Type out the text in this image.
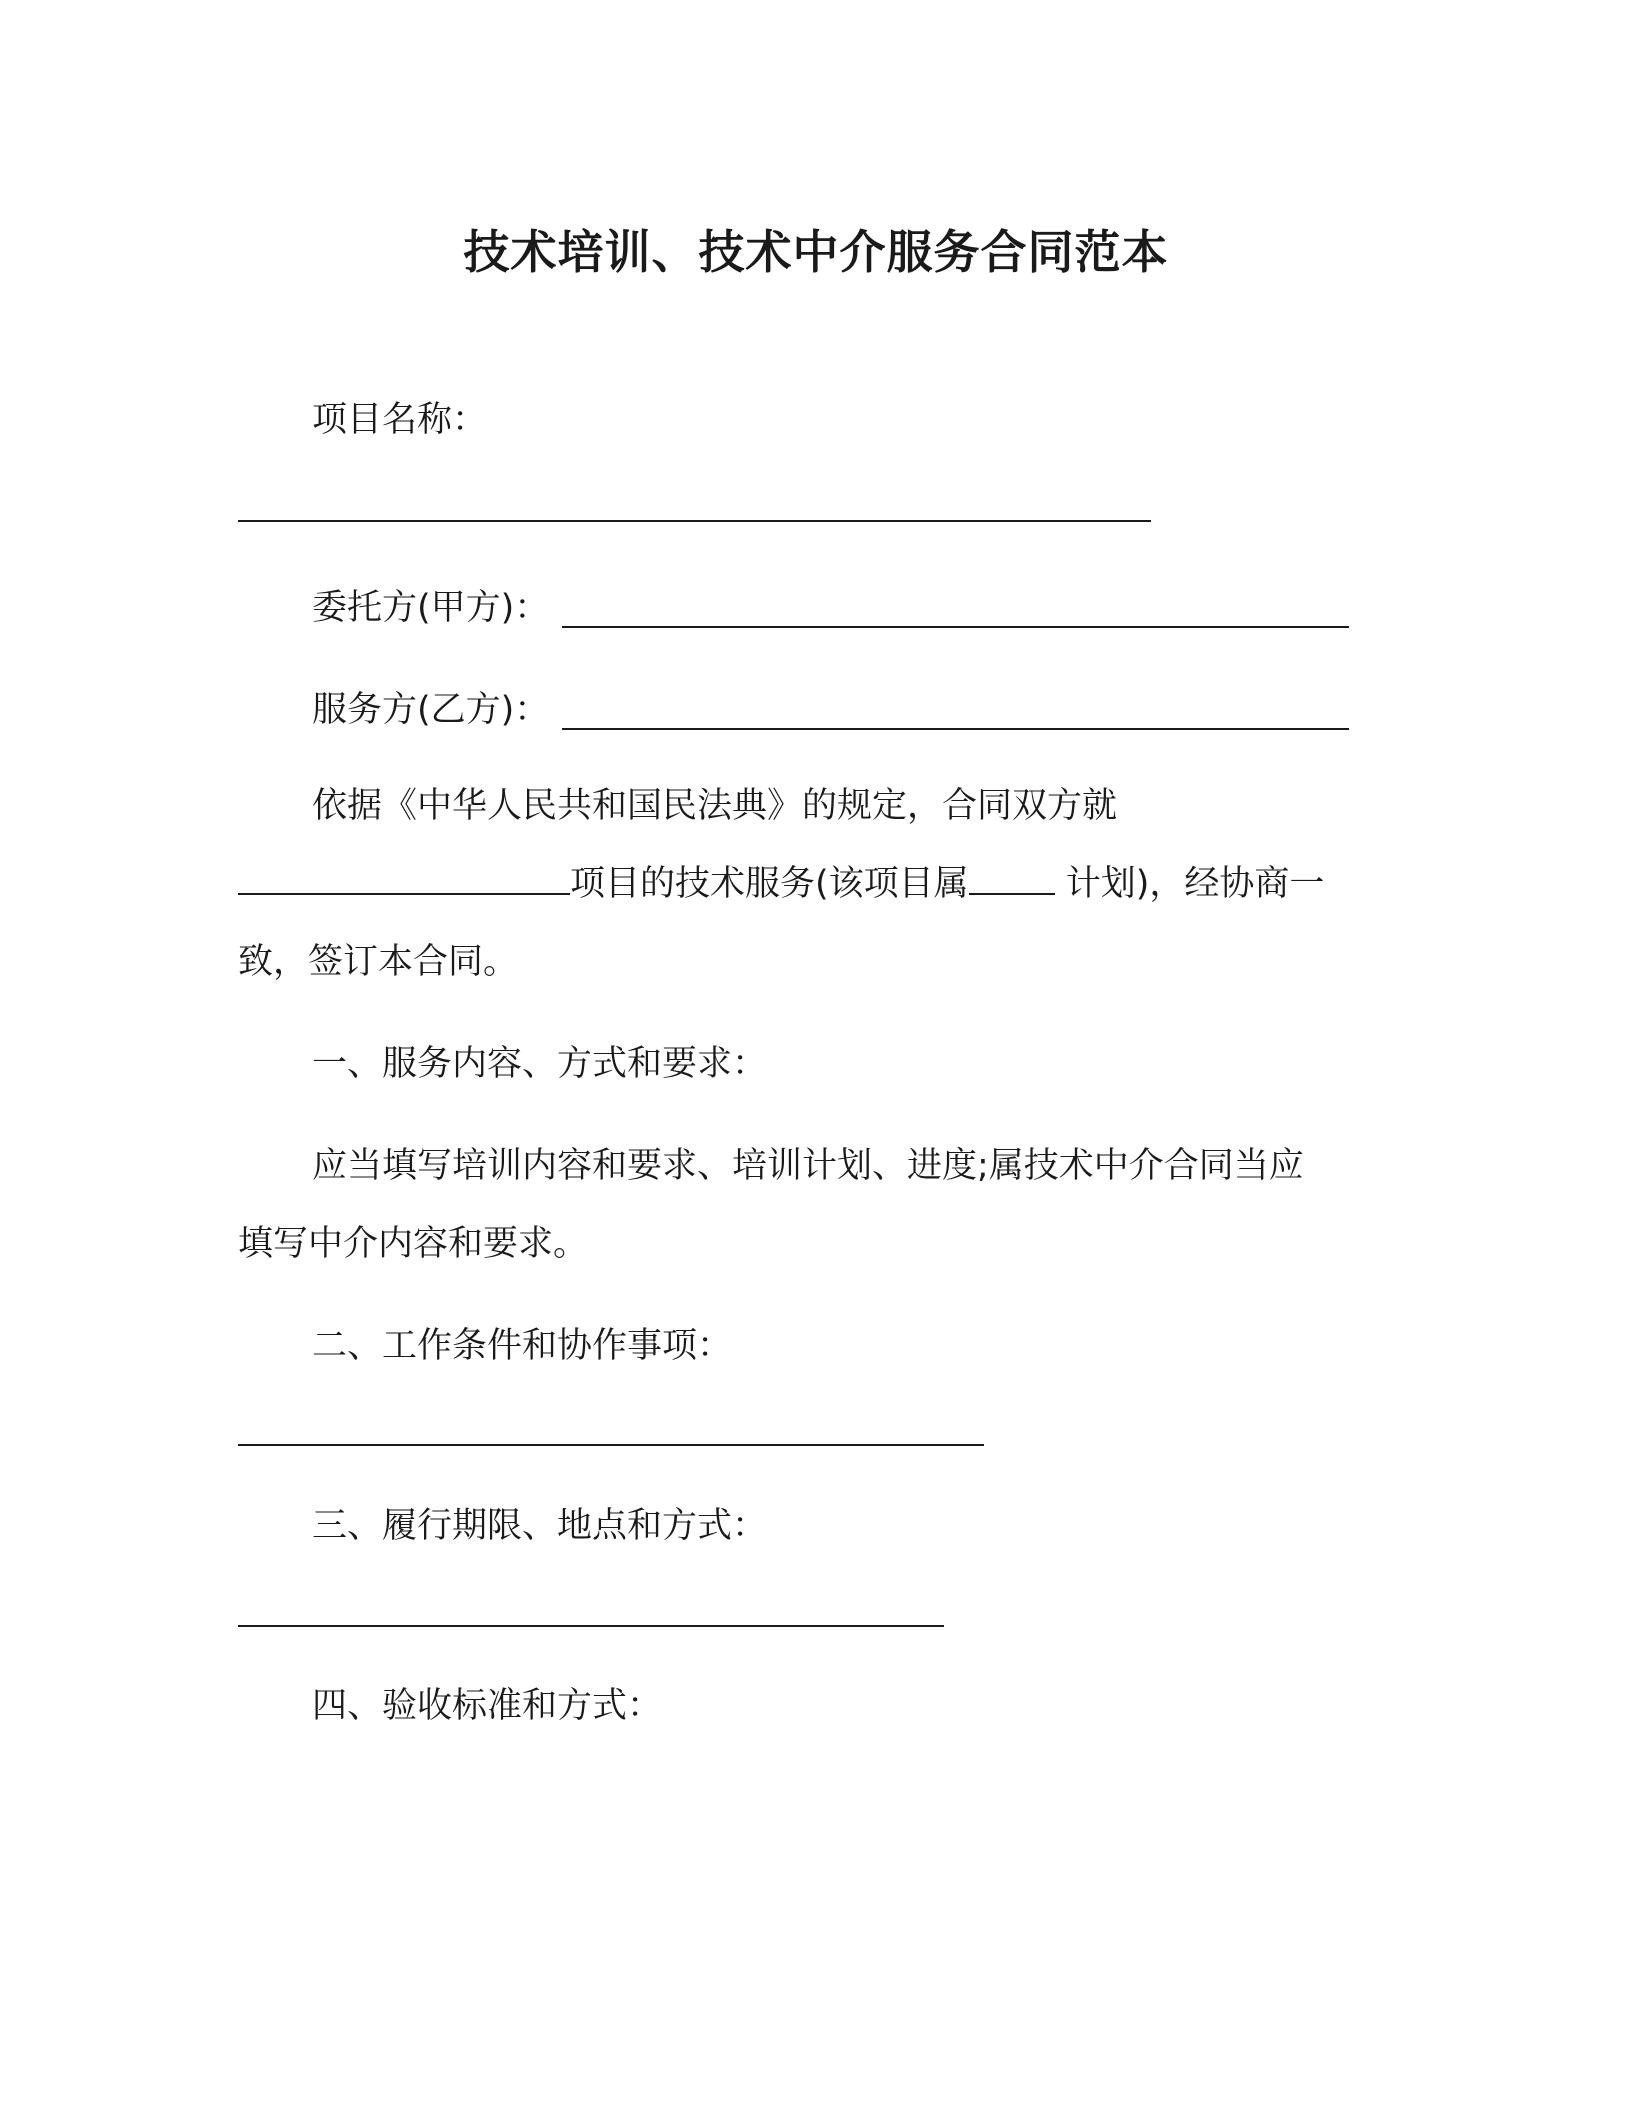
技术培训、技术中介服务合同范本
项目名称：
委托方(甲方)：
服务方(乙方)：
依据《中华人民共和国民法典》的规定，合同双方就
项目的技术服务(该项目属 计划)，经协商一
致，签订本合同。
一、服务内容、方式和要求：
应当填写培训内容和要求、培训计划、进度;属技术中介合同当应
填写中介内容和要求。
二、工作条件和协作事项：
三、履行期限、地点和方式：
四、验收标准和方式：
